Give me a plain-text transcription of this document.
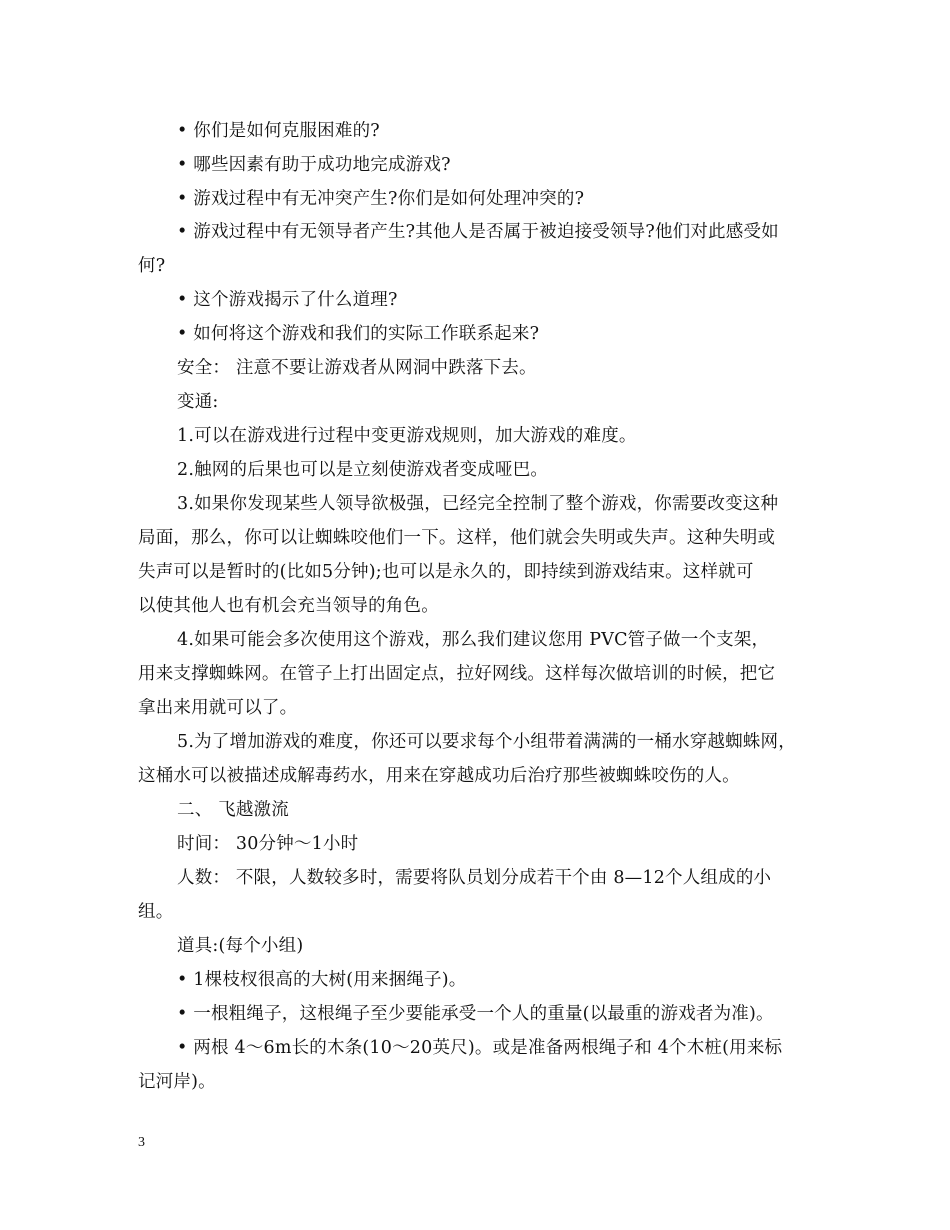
• 你们是如何克服困难的?
• 哪些因素有助于成功地完成游戏?
• 游戏过程中有无冲突产生?你们是如何处理冲突的?
• 游戏过程中有无领导者产生?其他人是否属于被迫接受领导?他们对此感受如
何?
• 这个游戏揭示了什么道理?
• 如何将这个游戏和我们的实际工作联系起来?
安全： 注意不要让游戏者从网洞中跌落下去。
变通:
1.可以在游戏进行过程中变更游戏规则，加大游戏的难度。
2.触网的后果也可以是立刻使游戏者变成哑巴。
3.如果你发现某些人领导欲极强，已经完全控制了整个游戏，你需要改变这种
局面，那么，你可以让蜘蛛咬他们一下。这样，他们就会失明或失声。这种失明或
失声可以是暂时的(比如5分钟);也可以是永久的，即持续到游戏结束。这样就可
以使其他人也有机会充当领导的角色。
4.如果可能会多次使用这个游戏，那么我们建议您用 PVC管子做一个支架，
用来支撑蜘蛛网。在管子上打出固定点，拉好网线。这样每次做培训的时候，把它
拿出来用就可以了。
5.为了增加游戏的难度，你还可以要求每个小组带着满满的一桶水穿越蜘蛛网，
这桶水可以被描述成解毒药水，用来在穿越成功后治疗那些被蜘蛛咬伤的人。
二、 飞越激流
时间： 30分钟～1小时
人数： 不限，人数较多时，需要将队员划分成若干个由 8—12个人组成的小
组。
道具:(每个小组)
• 1棵枝杈很高的大树(用来捆绳子)。
• 一根粗绳子，这根绳子至少要能承受一个人的重量(以最重的游戏者为准)。
• 两根 4～6m长的木条(10～20英尺)。或是准备两根绳子和 4个木桩(用来标
记河岸)。
3
